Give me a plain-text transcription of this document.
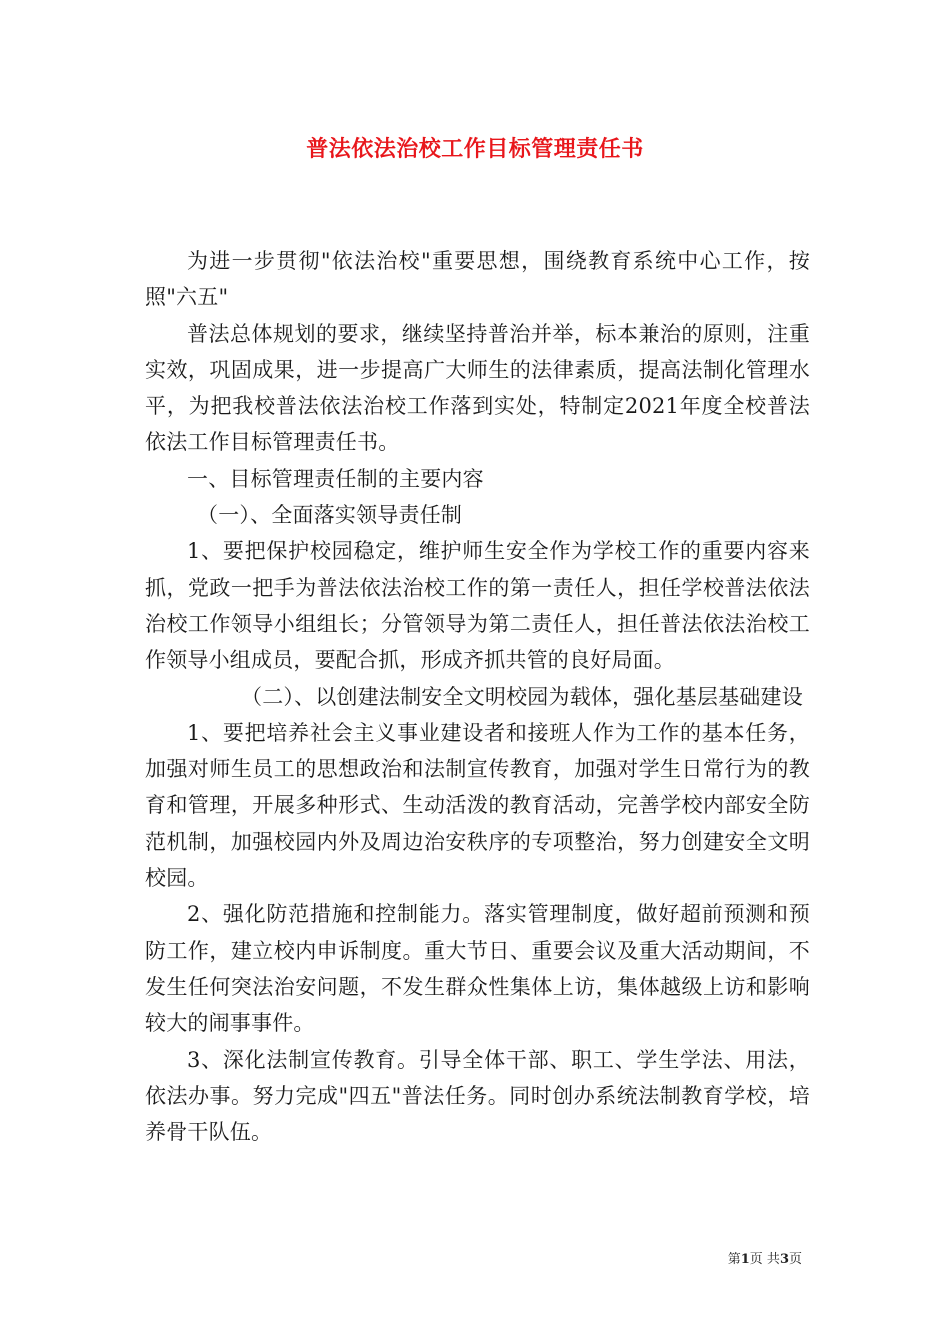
普法依法治校工作目标管理责任书

为进一步贯彻"依法治校"重要思想，围绕教育系统中心工作，按照"六五"

普法总体规划的要求，继续坚持普治并举，标本兼治的原则，注重实效，巩固成果，进一步提高广大师生的法律素质，提高法制化管理水平，为把我校普法依法治校工作落到实处，特制定2021年度全校普法依法工作目标管理责任书。

一、目标管理责任制的主要内容

（一）、全面落实领导责任制

1、要把保护校园稳定，维护师生安全作为学校工作的重要内容来抓，党政一把手为普法依法治校工作的第一责任人，担任学校普法依法治校工作领导小组组长；分管领导为第二责任人，担任普法依法治校工作领导小组成员，要配合抓，形成齐抓共管的良好局面。

（二）、以创建法制安全文明校园为载体，强化基层基础建设

1、要把培养社会主义事业建设者和接班人作为工作的基本任务，加强对师生员工的思想政治和法制宣传教育，加强对学生日常行为的教育和管理，开展多种形式、生动活泼的教育活动，完善学校内部安全防范机制，加强校园内外及周边治安秩序的专项整治，努力创建安全文明校园。

2、强化防范措施和控制能力。落实管理制度，做好超前预测和预防工作，建立校内申诉制度。重大节日、重要会议及重大活动期间，不发生任何突法治安问题，不发生群众性集体上访，集体越级上访和影响较大的闹事事件。

3、深化法制宣传教育。引导全体干部、职工、学生学法、用法，依法办事。努力完成"四五"普法任务。同时创办系统法制教育学校，培养骨干队伍。

第1页 共3页
